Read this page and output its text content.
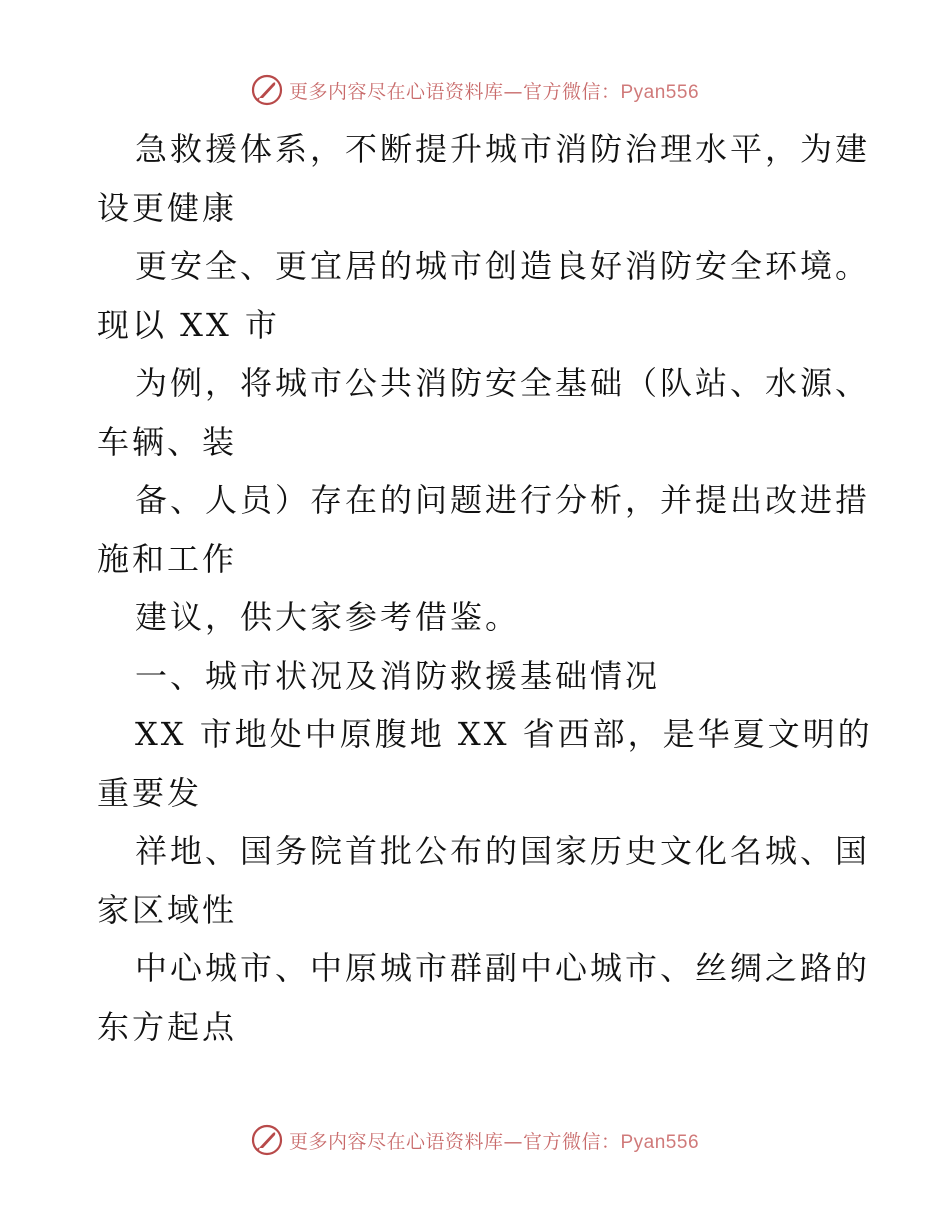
更多内容尽在心语资料库—官方微信：Pyan556
急救援体系，不断提升城市消防治理水平，为建
设更健康
更安全、更宜居的城市创造良好消防安全环境。
现以 XX 市
为例，将城市公共消防安全基础（队站、水源、
车辆、装
备、人员）存在的问题进行分析，并提出改进措
施和工作
建议，供大家参考借鉴。
一、城市状况及消防救援基础情况
XX 市地处中原腹地 XX 省西部，是华夏文明的
重要发
祥地、国务院首批公布的国家历史文化名城、国
家区域性
中心城市、中原城市群副中心城市、丝绸之路的
东方起点
更多内容尽在心语资料库—官方微信：Pyan556
